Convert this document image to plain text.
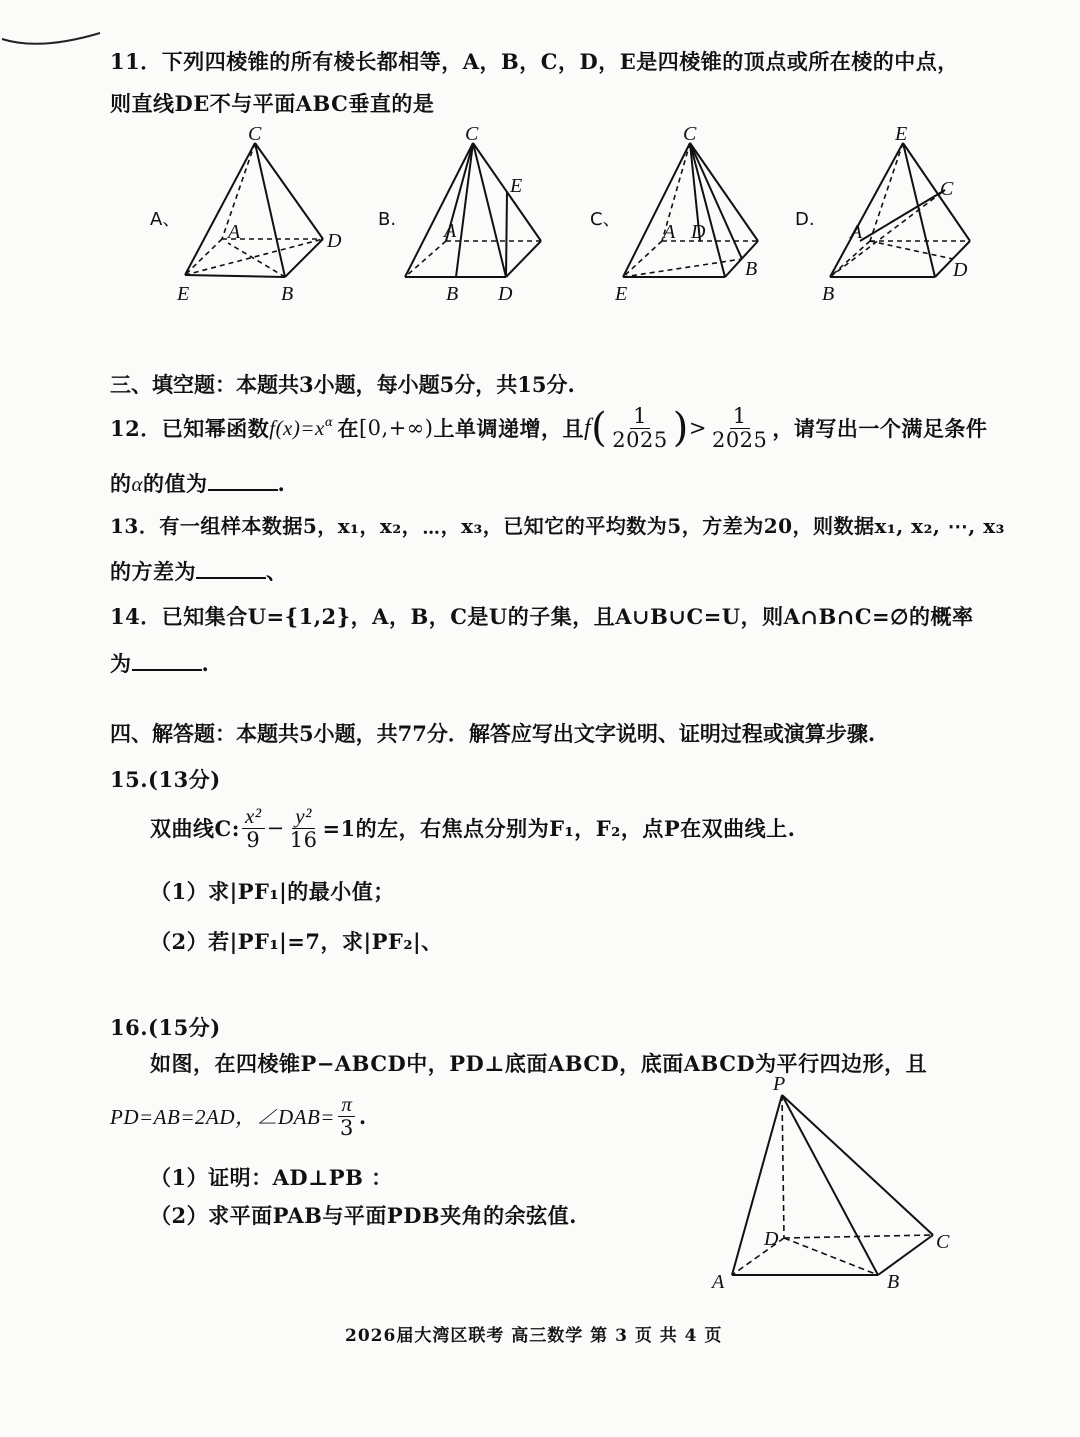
11．下列四棱锥的所有棱长都相等，A，B，C，D，E是四棱锥的顶点或所在棱的中点，
则直线DE不与平面ABC垂直的是
A、
C
A	D
E	B
B.
C
E
A
B D
C、
C
A D
B
E
D.
E
C
A
D
B
三、填空题：本题共3小题，每小题5分，共15分.
12．已知幂函数 $f(x)=x^\alpha$ 在 [0,+∞) 上单调递增，且 f ( $\frac{1}{2025}$ ) > $\frac{1}{2025}$ ，请写出一个满足条件
的α的值为	.
13．有一组样本数据5，x₁，x₂，⋯，x₃，已知它的平均数为5，方差为20，则数据x₁, x₂, ⋯, x₃
的方差为	、
14．已知集合U={1,2}，A，B，C是U的子集，且A∪B∪C=U，则A∩B∩C=∅的概率
为	.
四、解答题：本题共5小题，共77分．解答应写出文字说明、证明过程或演算步骤.
15.(13分)
双曲线C: $\frac{\text{x²}}{9} - \frac{\text{y²}}{16} =1$的左，右焦点分别为F₁，F₂，点P在双曲线上.
（1）求|PF₁|的最小值；
（2）若|PF₁|=7，求|PF₂|、
16.(15分)
如图，在四棱锥P−ABCD中，PD⊥底面ABCD，底面ABCD为平行四边形，且
PD=AB=2AD，∠DAB= $\frac{\pi}{3}$ .
（1）证明：AD⊥PB ：
（2）求平面PAB与平面PDB夹角的余弦值.
P
D	C
A	B
2026届大湾区联考 高三数学 第 3 页 共 4 页
